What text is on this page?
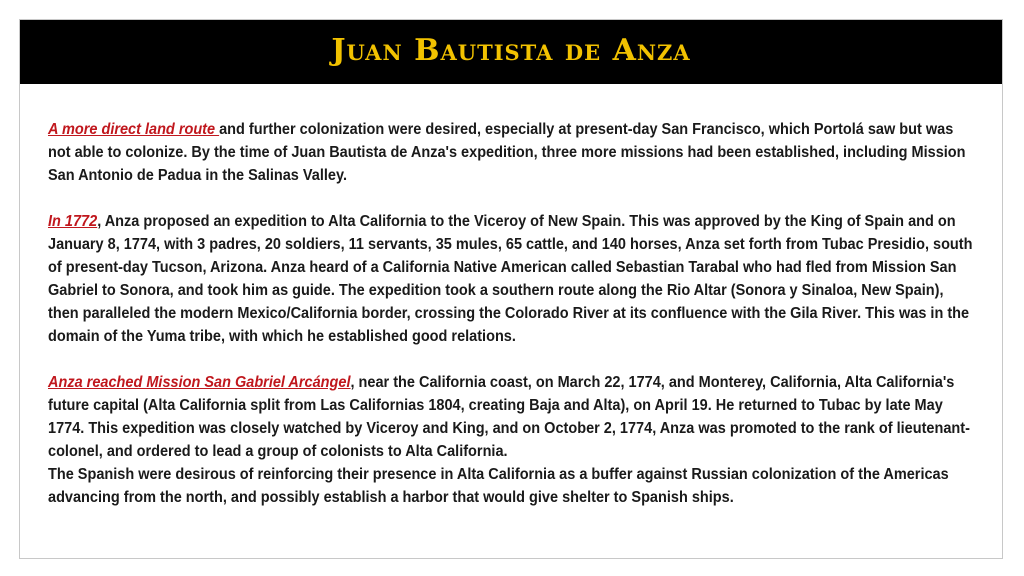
Juan Bautista de Anza

A more direct land route and further colonization were desired, especially at present-day San Francisco, which Portolá saw but was not able to colonize. By the time of Juan Bautista de Anza's expedition, three more missions had been established, including Mission San Antonio de Padua in the Salinas Valley.

In 1772, Anza proposed an expedition to Alta California to the Viceroy of New Spain. This was approved by the King of Spain and on January 8, 1774, with 3 padres, 20 soldiers, 11 servants, 35 mules, 65 cattle, and 140 horses, Anza set forth from Tubac Presidio, south of present-day Tucson, Arizona. Anza heard of a California Native American called Sebastian Tarabal who had fled from Mission San Gabriel to Sonora, and took him as guide. The expedition took a southern route along the Rio Altar (Sonora y Sinaloa, New Spain), then paralleled the modern Mexico/California border, crossing the Colorado River at its confluence with the Gila River. This was in the domain of the Yuma tribe, with which he established good relations.

Anza reached Mission San Gabriel Arcángel, near the California coast, on March 22, 1774, and Monterey, California, Alta California's future capital (Alta California split from Las Californias 1804, creating Baja and Alta), on April 19. He returned to Tubac by late May 1774. This expedition was closely watched by Viceroy and King, and on October 2, 1774, Anza was promoted to the rank of lieutenant-colonel, and ordered to lead a group of colonists to Alta California.

The Spanish were desirous of reinforcing their presence in Alta California as a buffer against Russian colonization of the Americas advancing from the north, and possibly establish a harbor that would give shelter to Spanish ships.
